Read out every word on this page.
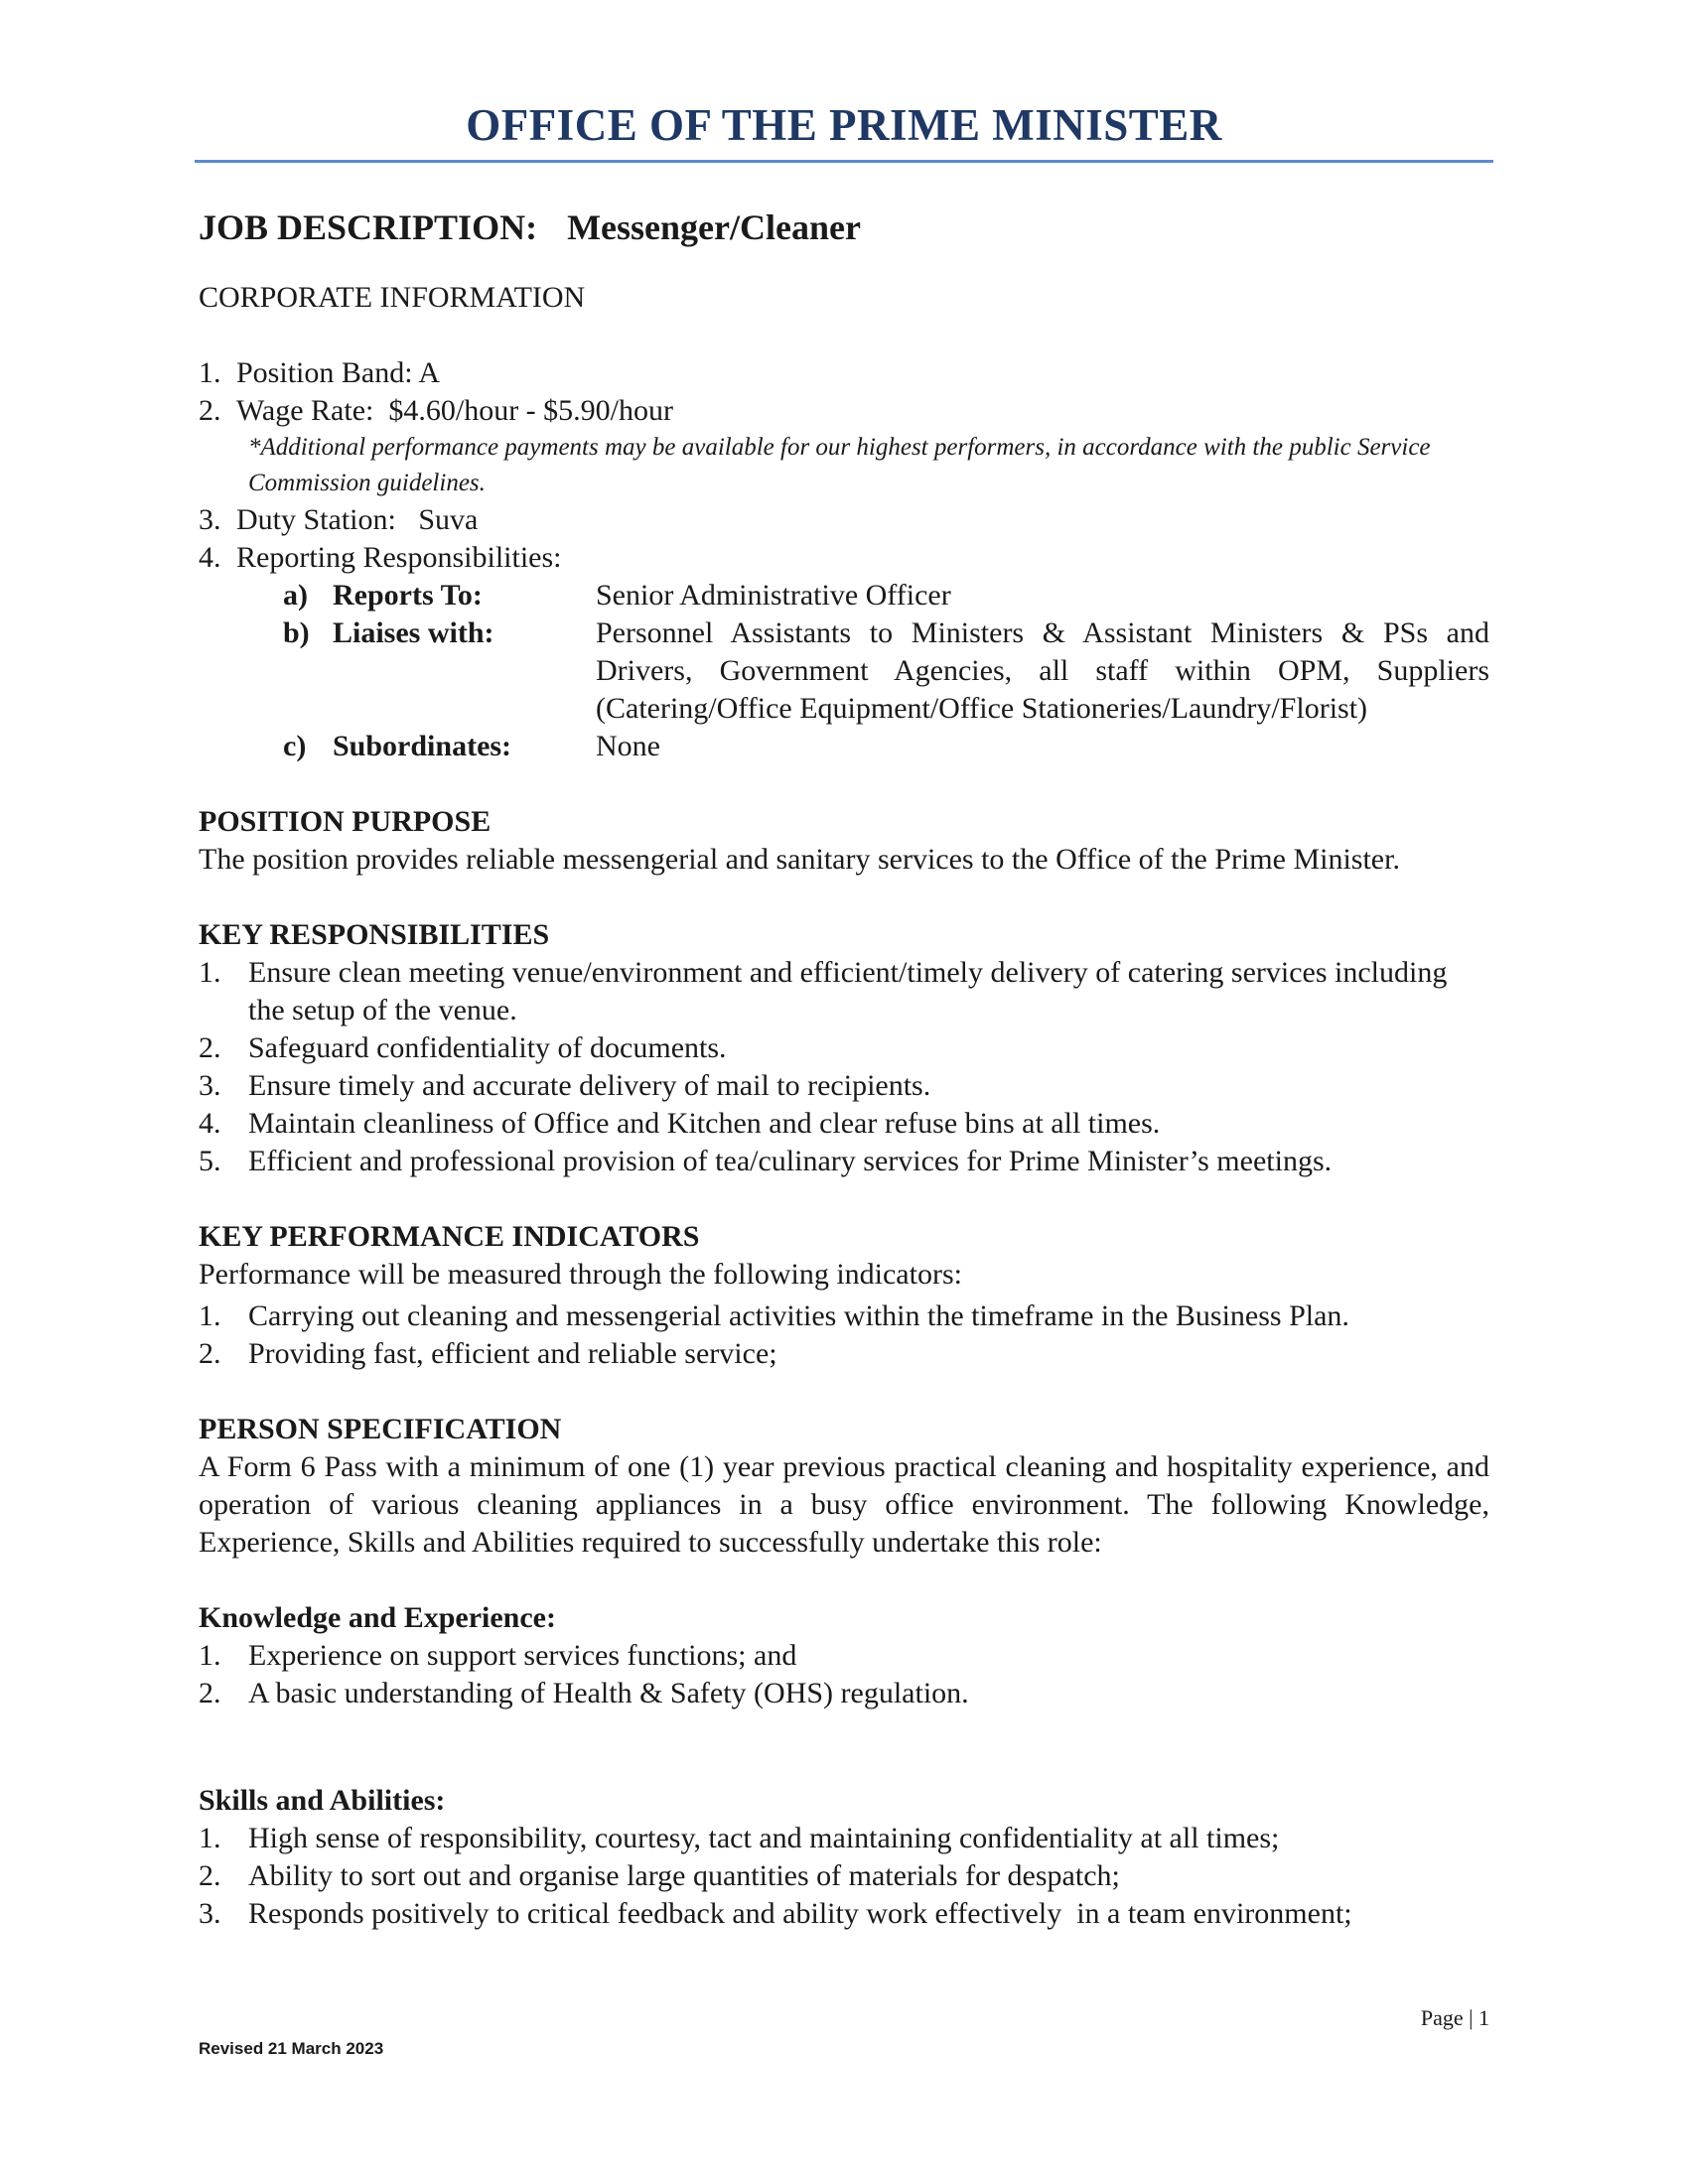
OFFICE OF THE PRIME MINISTER
JOB DESCRIPTION: Messenger/Cleaner

CORPORATE INFORMATION

1. Position Band: A
2. Wage Rate:  $4.60/hour - $5.90/hour
*Additional performance payments may be available for our highest performers, in accordance with the public Service Commission guidelines.
3. Duty Station:   Suva
4. Reporting Responsibilities:
a) Reports To:	Senior Administrative Officer
b) Liaises with:	Personnel Assistants to Ministers & Assistant Ministers & PSs and Drivers, Government Agencies, all staff within OPM, Suppliers (Catering/Office Equipment/Office Stationeries/Laundry/Florist)
c) Subordinates:	None

POSITION PURPOSE

The position provides reliable messengerial and sanitary services to the Office of the Prime Minister.

KEY RESPONSIBILITIES

1. Ensure clean meeting venue/environment and efficient/timely delivery of catering services including the setup of the venue.
2. Safeguard confidentiality of documents.
3. Ensure timely and accurate delivery of mail to recipients.
4. Maintain cleanliness of Office and Kitchen and clear refuse bins at all times.
5. Efficient and professional provision of tea/culinary services for Prime Minister’s meetings.

KEY PERFORMANCE INDICATORS

Performance will be measured through the following indicators:

1. Carrying out cleaning and messengerial activities within the timeframe in the Business Plan.
2. Providing fast, efficient and reliable service;

PERSON SPECIFICATION

A Form 6 Pass with a minimum of one (1) year previous practical cleaning and hospitality experience, and operation of various cleaning appliances in a busy office environment. The following Knowledge, Experience, Skills and Abilities required to successfully undertake this role:

Knowledge and Experience:

1. Experience on support services functions; and
2. A basic understanding of Health & Safety (OHS) regulation.

Skills and Abilities:

1. High sense of responsibility, courtesy, tact and maintaining confidentiality at all times;
2. Ability to sort out and organise large quantities of materials for despatch;
3. Responds positively to critical feedback and ability work effectively  in a team environment;
Page | 1
Revised 21 March 2023
